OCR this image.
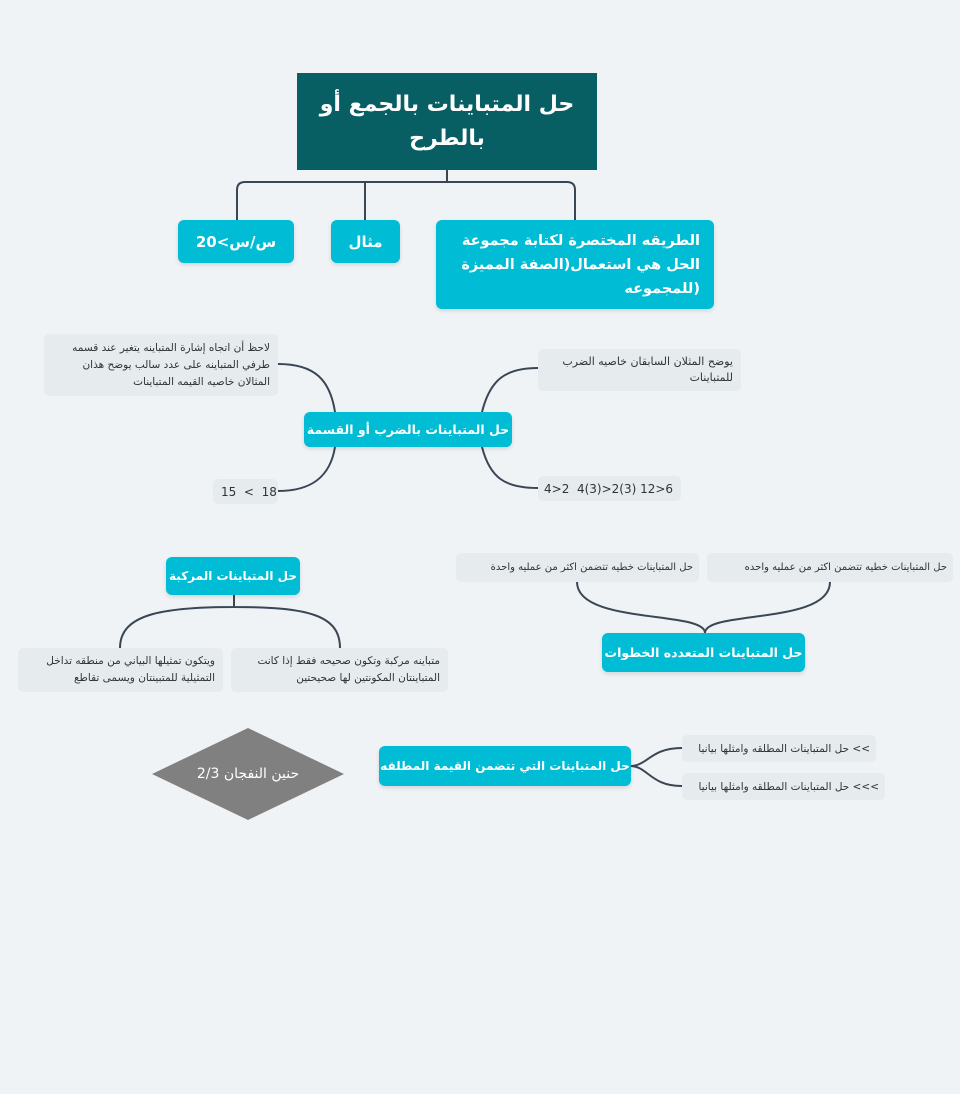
حل المتباينات بالجمع أو بالطرح
الطريقه المختصرة لكتابة مجموعة الحل هي استعمال(الصفة المميزة (للمجموعه
مثال
س/س>20
حل المتباينات بالضرب أو القسمة
لاحظ أن اتجاه إشارة المتباينه يتغير عند قسمه طرفي المتباينه على عدد سالب يوضح هذان المثالان خاصيه القيمه المتباينات
يوضح المثلان السابقان خاصيه الضرب للمتباينات
4>2  4(3)>2(3) 12>6
15  <  18
حل المتباينات المتعدده الخطوات
حل المتباينات خطيه تتضمن اكثر من عمليه واحده
حل المتباينات خطيه تتضمن اكثر من عمليه واحدة
حل المتباينات المركبة
متباينه مركبة وتكون صحيحه فقط إذا كانت المتباينتان المكونتين لها صحيحتين
ويتكون تمثيلها البياني من منطقه تداخل التمثيلية للمتبينتان ويسمى تقاطع
حل المتباينات التي تتضمن القيمة المطلقه
>> حل المتباينات المطلقه وامثلها بيانيا
>>> حل المتباينات المطلقه وامثلها بيانيا
حنين النفجان 2/3
